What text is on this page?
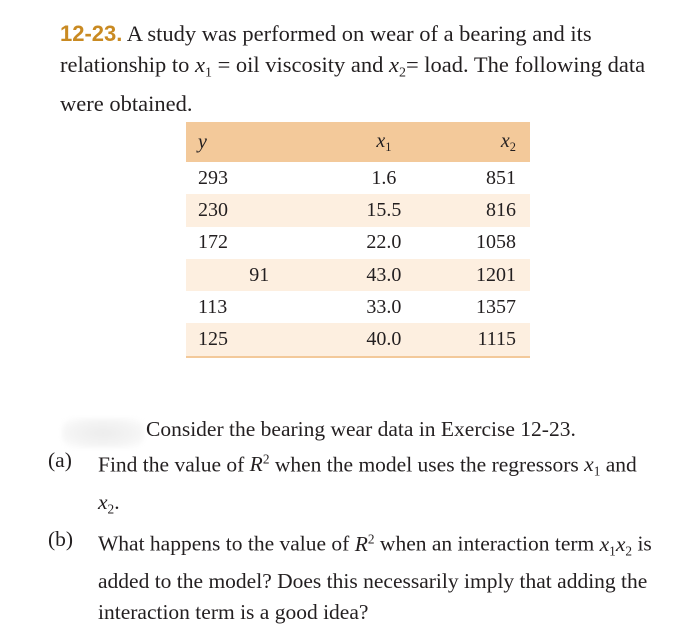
12-23. A study was performed on wear of a bearing and its relationship to $x_1$ = oil viscosity and $x_2=$ load. The following data were obtained.
y	$x_1$	$x_2$
293	1.6	851
230	15.5	816
172	22.0	1058
91	43.0	1201
113	33.0	1357
125	40.0	1115
Consider the bearing wear data in Exercise 12-23.
(a)	Find the value of $R^2$ when the model uses the regressors $x_1$ and $x_2$.
(b)	What happens to the value of $R^2$ when an interaction term $x_1x_2$ is added to the model? Does this necessarily imply that adding the interaction term is a good idea?
